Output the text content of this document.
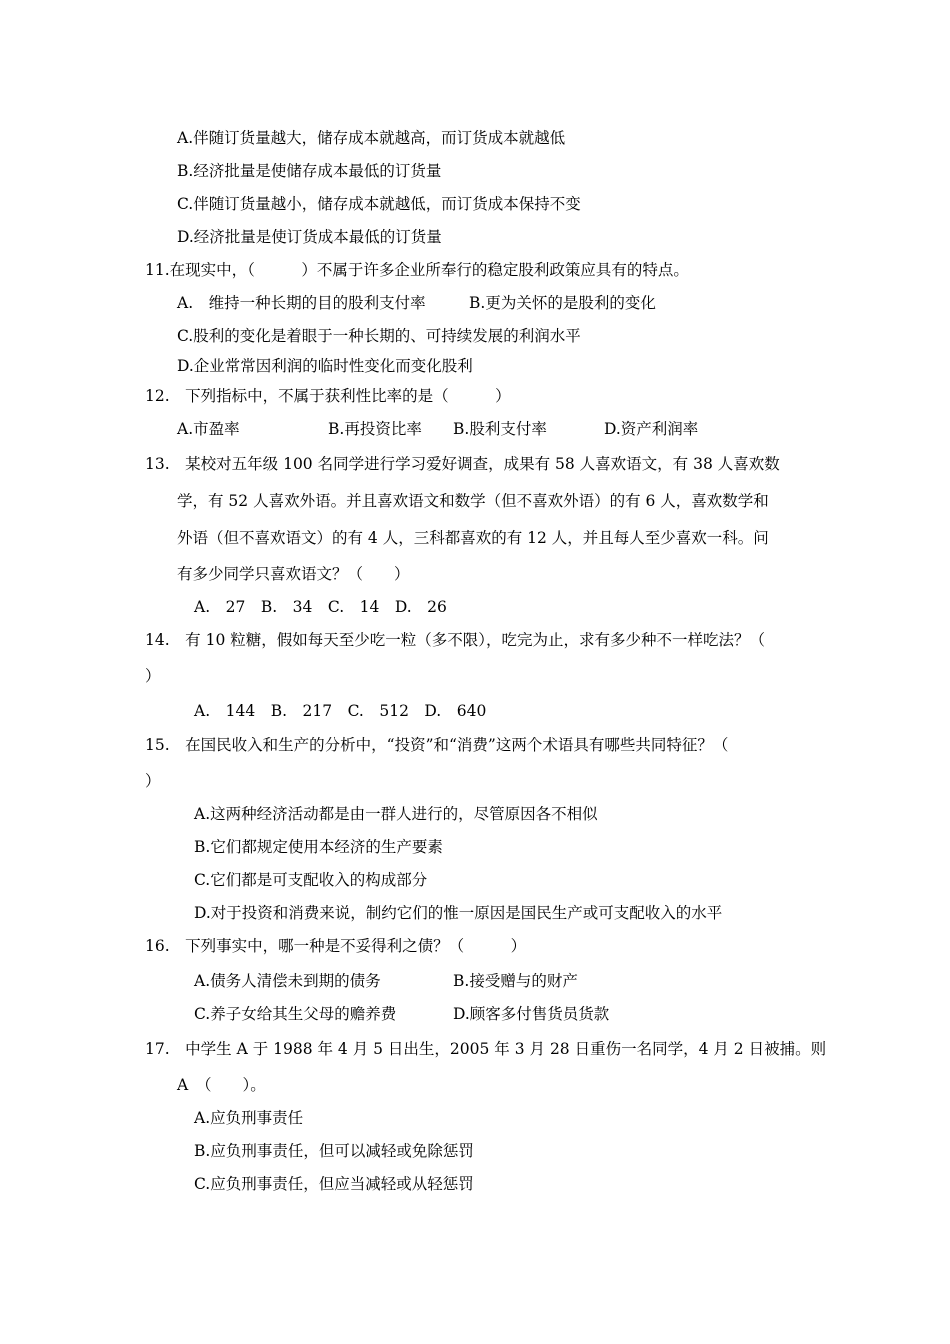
A.伴随订货量越大，储存成本就越高，而订货成本就越低

B.经济批量是使储存成本最低的订货量

C.伴随订货量越小，储存成本就越低，而订货成本保持不变

D.经济批量是使订货成本最低的订货量

11.在现实中，（　　　）不属于许多企业所奉行的稳定股利政策应具有的特点。

A.　维持一种长期的目的股利支付率	B.更为关怀的是股利的变化

C.股利的变化是着眼于一种长期的、可持续发展的利润水平

D.企业常常因利润的临时性变化而变化股利

12.　下列指标中，不属于获利性比率的是（　　　）

A.市盈率	B.再投资比率 B.股利支付率	D.资产利润率

13.　某校对五年级 100 名同学进行学习爱好调查，成果有 58 人喜欢语文，有 38 人喜欢数

学，有 52 人喜欢外语。并且喜欢语文和数学（但不喜欢外语）的有 6 人，喜欢数学和

外语（但不喜欢语文）的有 4 人，三科都喜欢的有 12 人，并且每人至少喜欢一科。问

有多少同学只喜欢语文？（　　）

A.　27　B.　34　C.　14　D.　26

14.　有 10 粒糖，假如每天至少吃一粒（多不限），吃完为止，求有多少种不一样吃法？（

）

A.　144　B.　217　C.　512　D.　640

15.　在国民收入和生产的分析中，“投资”和“消费”这两个术语具有哪些共同特征？（

）

A.这两种经济活动都是由一群人进行的，尽管原因各不相似

B.它们都规定使用本经济的生产要素

C.它们都是可支配收入的构成部分

D.对于投资和消费来说，制约它们的惟一原因是国民生产或可支配收入的水平

16.　下列事实中，哪一种是不妥得利之债？（　　　）

A.债务人清偿未到期的债务	B.接受赠与的财产
C.养子女给其生父母的赡养费	D.顾客多付售货员货款

17.　中学生 A 于 1988 年 4 月 5 日出生，2005 年 3 月 28 日重伤一名同学，4 月 2 日被捕。则

A　（　　）。

A.应负刑事责任

B.应负刑事责任，但可以减轻或免除惩罚

C.应负刑事责任，但应当减轻或从轻惩罚
